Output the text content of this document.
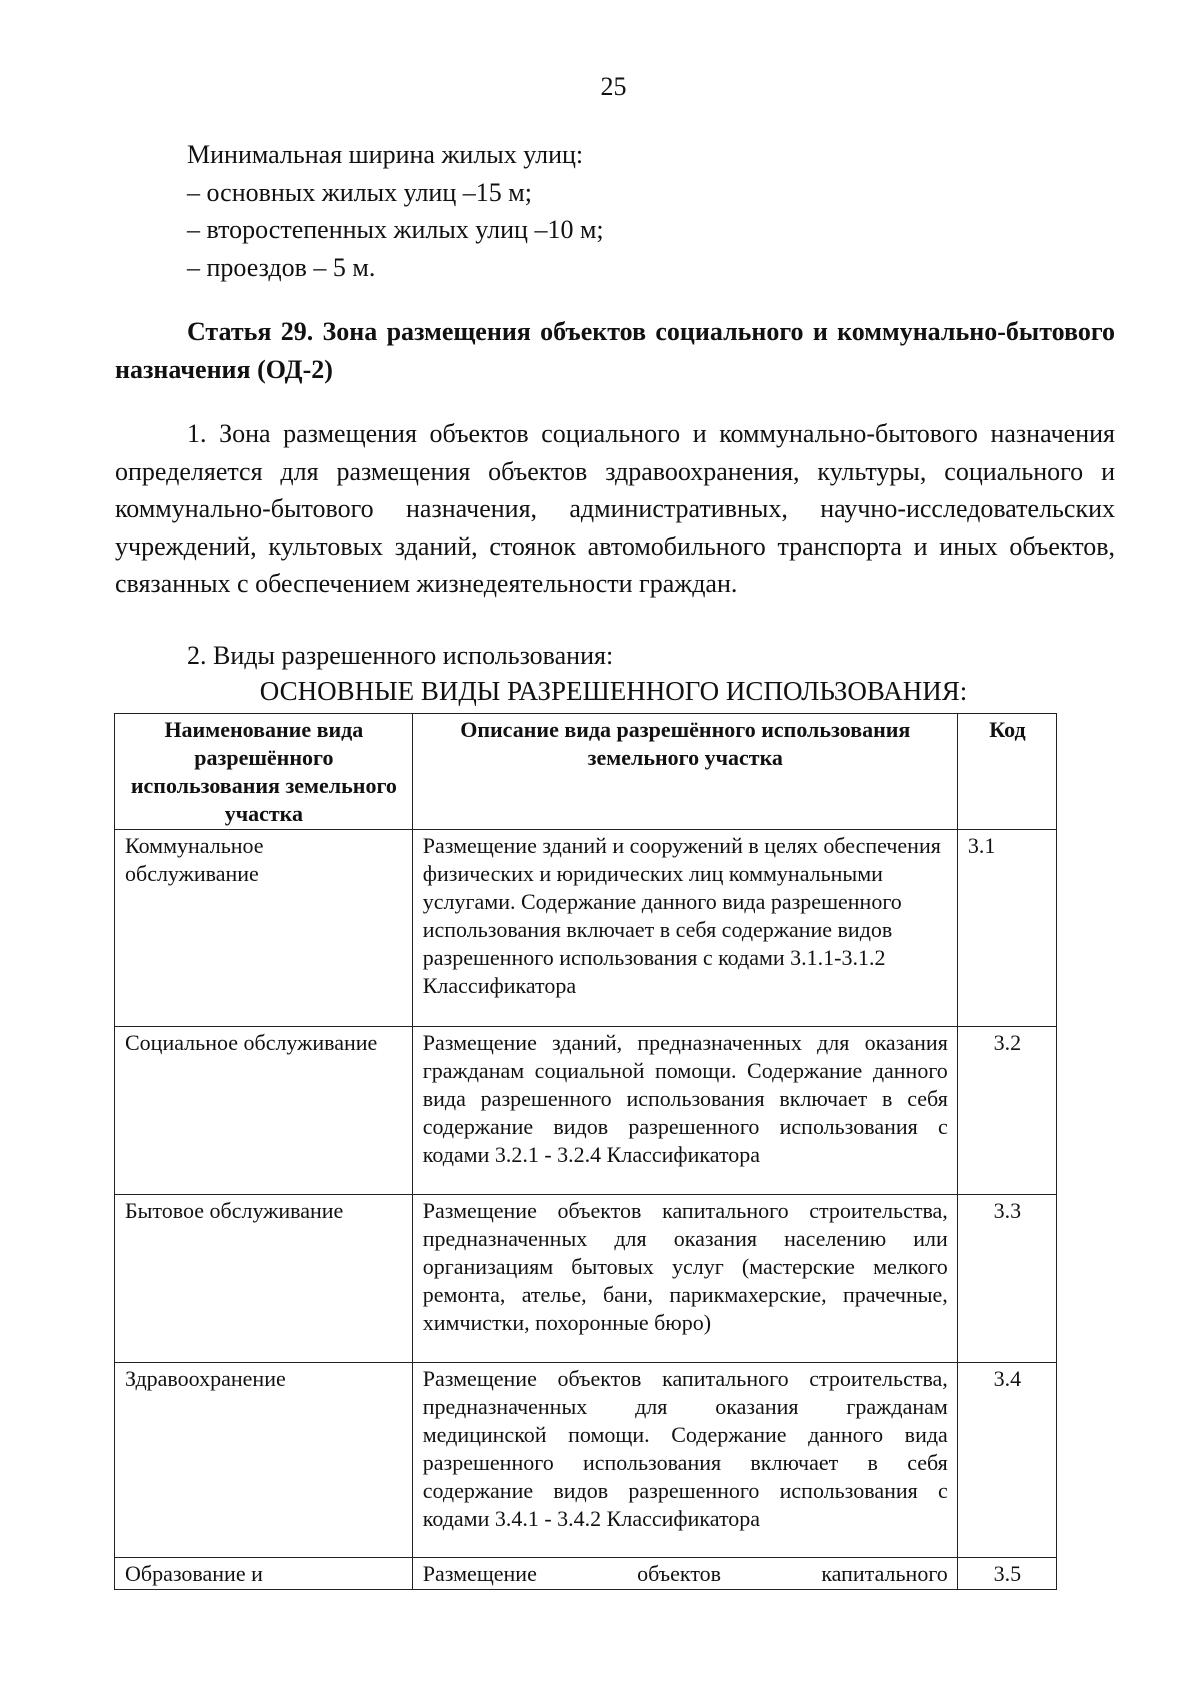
25
Минимальная ширина жилых улиц:
– основных жилых улиц –15 м;
– второстепенных жилых улиц –10 м;
– проездов – 5 м.
Статья 29. Зона размещения объектов социального и коммунально-бытового назначения (ОД-2)
1. Зона размещения объектов социального и коммунально-бытового назначения определяется для размещения объектов здравоохранения, культуры, социального и коммунально-бытового назначения, административных, научно-исследовательских учреждений, культовых зданий, стоянок автомобильного транспорта и иных объектов, связанных с обеспечением жизнедеятельности граждан.
2. Виды разрешенного использования:
ОСНОВНЫЕ ВИДЫ РАЗРЕШЕННОГО ИСПОЛЬЗОВАНИЯ:
Наименование вида разрешённого использования земельного участка	Описание вида разрешённого использования земельного участка	Код
Коммунальное обслуживание	Размещение зданий и сооружений в целях обеспечения физических и юридических лиц коммунальными услугами. Содержание данного вида разрешенного использования включает в себя содержание видов разрешенного использования с кодами 3.1.1-3.1.2 Классификатора	3.1
Социальное обслуживание	Размещение зданий, предназначенных для оказания гражданам социальной помощи. Содержание данного вида разрешенного использования включает в себя содержание видов разрешенного использования с кодами 3.2.1 - 3.2.4 Классификатора	3.2
Бытовое обслуживание	Размещение объектов капитального строительства, предназначенных для оказания населению или организациям бытовых услуг (мастерские мелкого ремонта, ателье, бани, парикмахерские, прачечные, химчистки, похоронные бюро)	3.3
Здравоохранение	Размещение объектов капитального строительства, предназначенных для оказания гражданам медицинской помощи. Содержание данного вида разрешенного использования включает в себя содержание видов разрешенного использования с кодами 3.4.1 - 3.4.2 Классификатора	3.4
Образование и	Размещение объектов капитального	3.5
